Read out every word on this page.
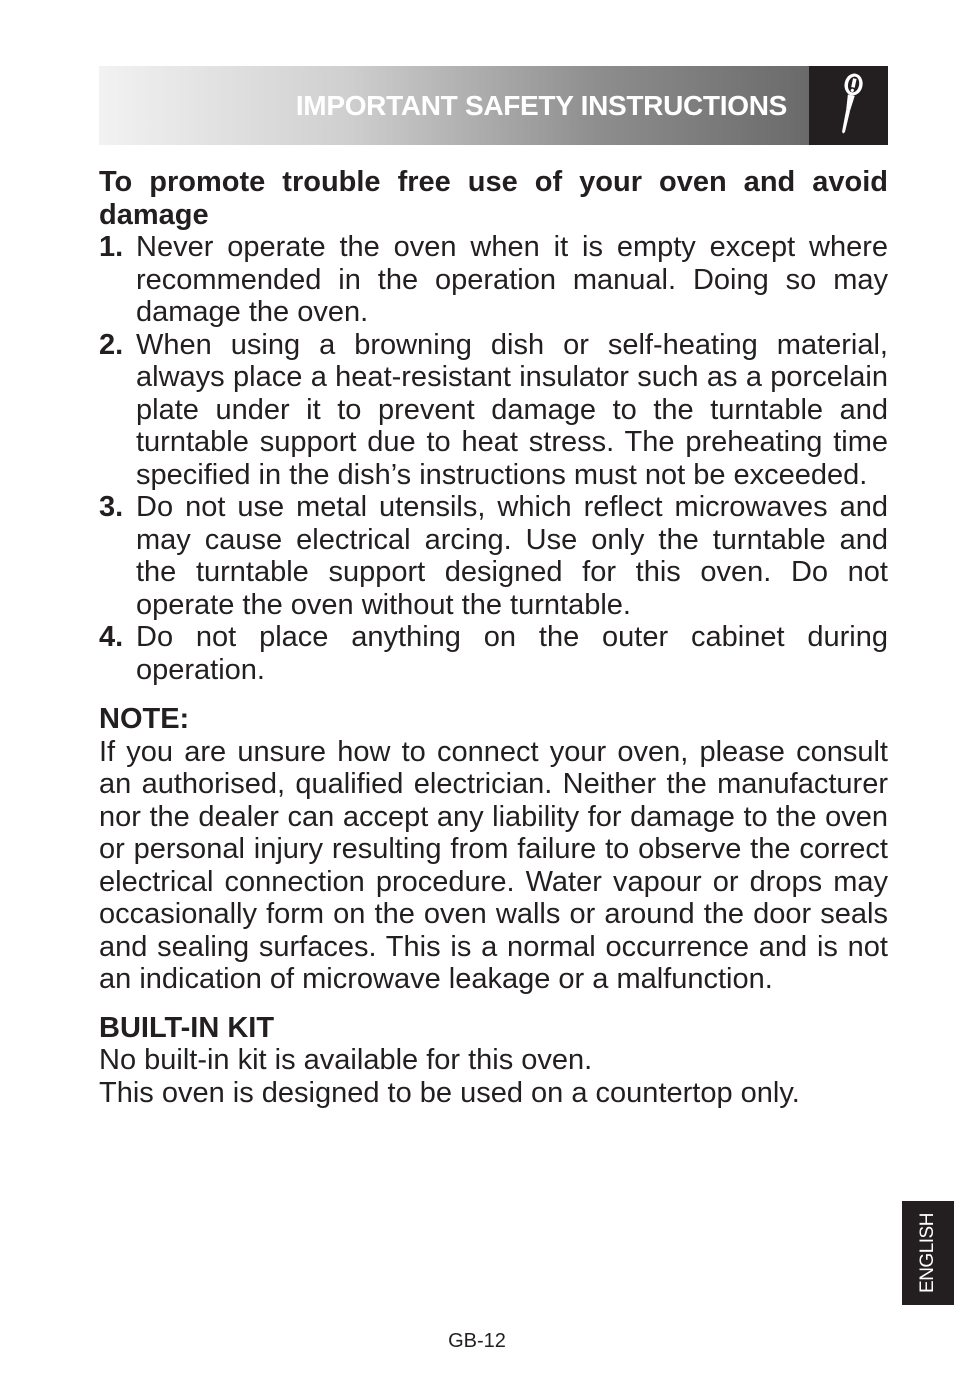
IMPORTANT SAFETY INSTRUCTIONS

To promote trouble free use of your oven and avoid damage

1. Never operate the oven when it is empty except where recommended in the operation manual. Doing so may damage the oven.
2. When using a browning dish or self-heating material, always place a heat-resistant insulator such as a porcelain plate under it to prevent damage to the turntable and turntable support due to heat stress. The preheating time specified in the dish’s instructions must not be exceeded.
3. Do not use metal utensils, which reflect microwaves and may cause electrical arcing. Use only the turntable and the turntable support designed for this oven. Do not operate the oven without the turntable.
4. Do not place anything on the outer cabinet during operation.

NOTE:

If you are unsure how to connect your oven, please consult an authorised, qualified electrician. Neither the manufacturer nor the dealer can accept any liability for damage to the oven or personal injury resulting from failure to observe the correct electrical connection procedure. Water vapour or drops may occasionally form on the oven walls or around the door seals and sealing surfaces. This is a normal occurrence and is not an indication of microwave leakage or a malfunction.

BUILT-IN KIT

No built-in kit is available for this oven.

This oven is designed to be used on a countertop only.

ENGLISH
GB-12
